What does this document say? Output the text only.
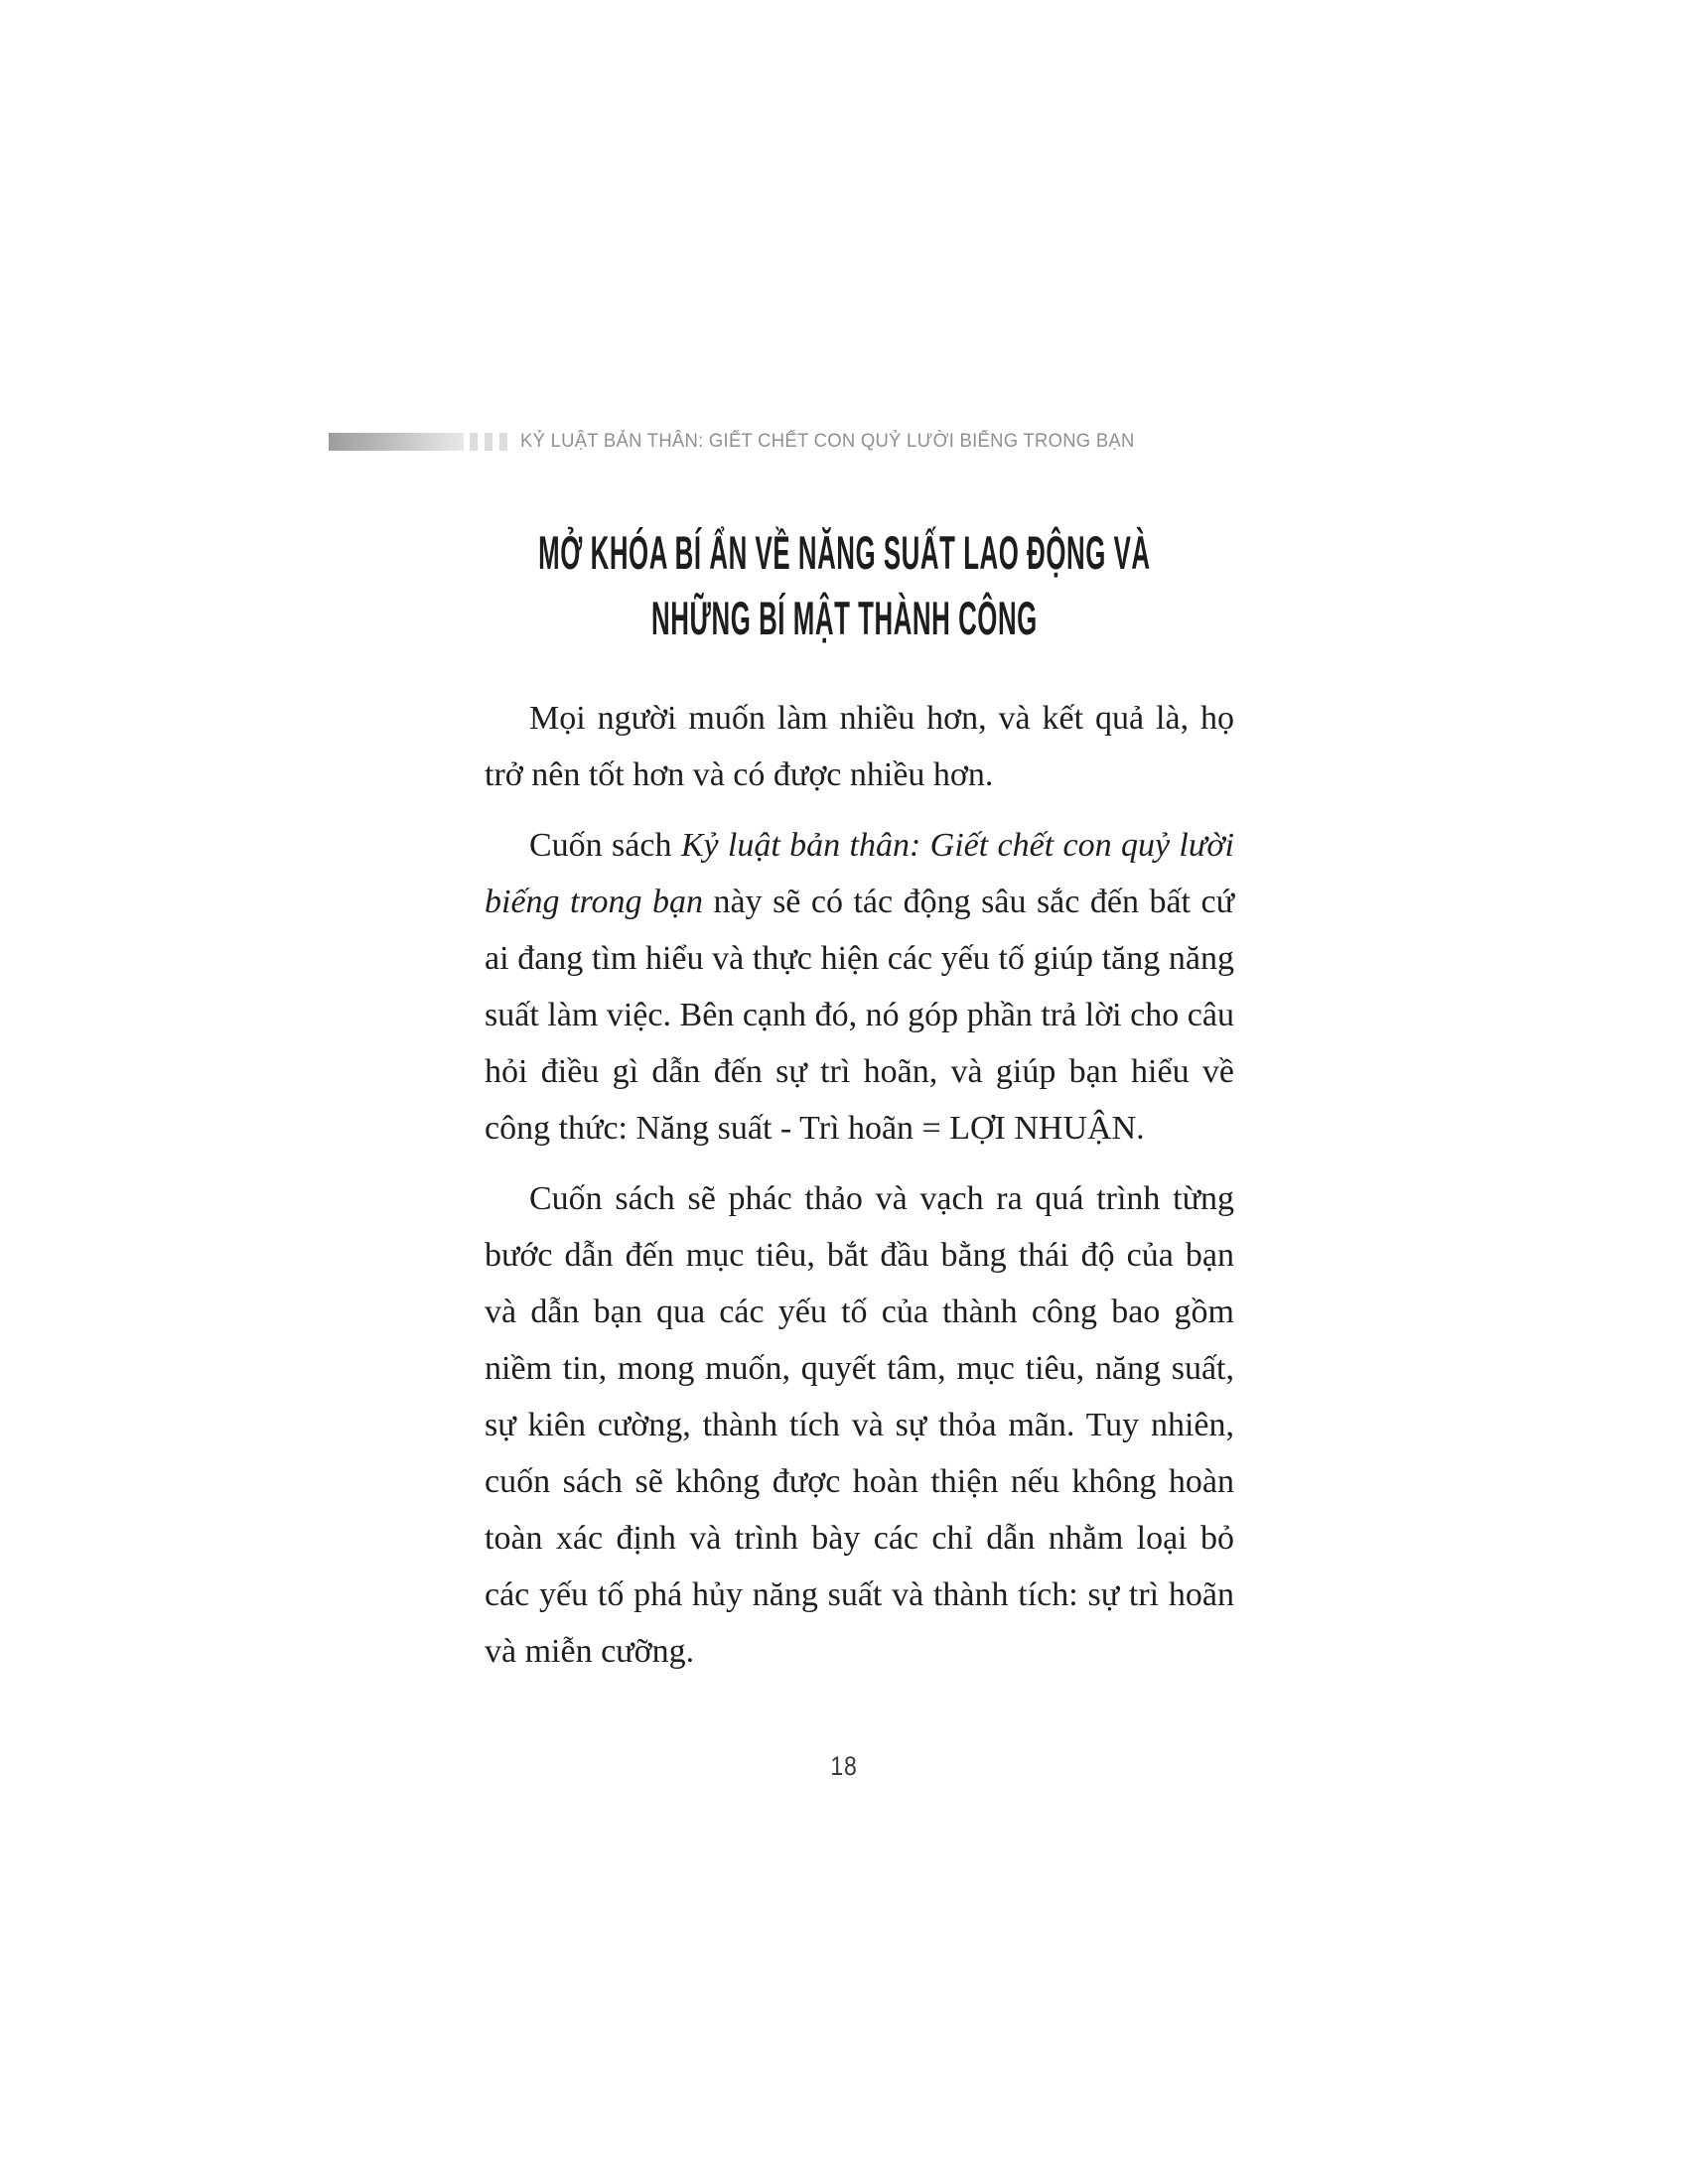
KỶ LUẬT BẢN THÂN: GIẾT CHẾT CON QUỶ LƯỜI BIẾNG TRONG BẠN
MỞ KHÓA BÍ ẨN VỀ NĂNG SUẤT LAO ĐỘNG VÀ
NHỮNG BÍ MẬT THÀNH CÔNG

Mọi người muốn làm nhiều hơn, và kết quả là, họ trở nên tốt hơn và có được nhiều hơn.

Cuốn sách Kỷ luật bản thân: Giết chết con quỷ lười biếng trong bạn này sẽ có tác động sâu sắc đến bất cứ ai đang tìm hiểu và thực hiện các yếu tố giúp tăng năng suất làm việc. Bên cạnh đó, nó góp phần trả lời cho câu hỏi điều gì dẫn đến sự trì hoãn, và giúp bạn hiểu về công thức: Năng suất - Trì hoãn = LỢI NHUẬN.

Cuốn sách sẽ phác thảo và vạch ra quá trình từng bước dẫn đến mục tiêu, bắt đầu bằng thái độ của bạn và dẫn bạn qua các yếu tố của thành công bao gồm niềm tin, mong muốn, quyết tâm, mục tiêu, năng suất, sự kiên cường, thành tích và sự thỏa mãn. Tuy nhiên, cuốn sách sẽ không được hoàn thiện nếu không hoàn toàn xác định và trình bày các chỉ dẫn nhằm loại bỏ các yếu tố phá hủy năng suất và thành tích: sự trì hoãn và miễn cưỡng.

18
